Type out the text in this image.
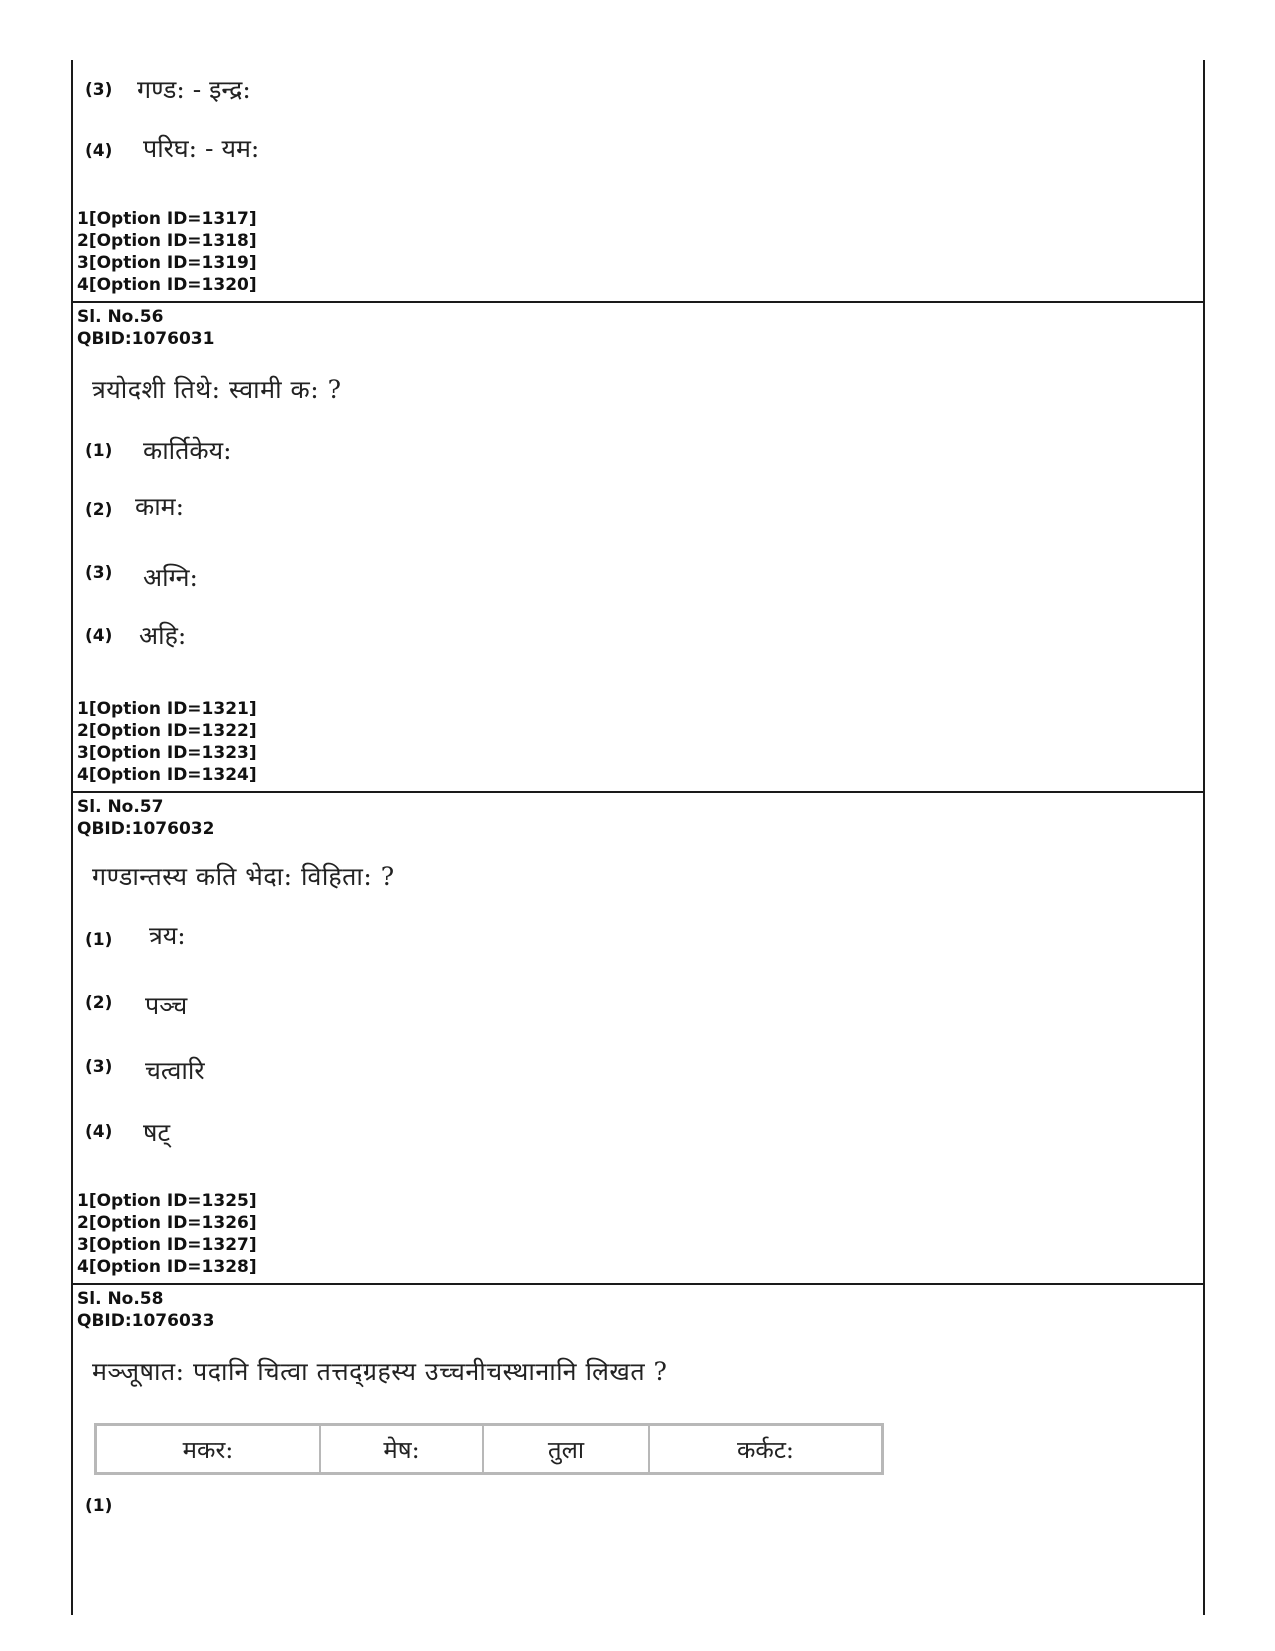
(3) गण्ड: - इन्द्र:
(4) परिघ: - यम:
1[Option ID=1317]
2[Option ID=1318]
3[Option ID=1319]
4[Option ID=1320]
Sl. No.56
QBID:1076031
त्रयोदशी तिथे: स्वामी क: ?
(1) कार्तिकेय:
(2) काम:
(3) अग्नि:
(4) अहि:
1[Option ID=1321]
2[Option ID=1322]
3[Option ID=1323]
4[Option ID=1324]
Sl. No.57
QBID:1076032
गण्डान्तस्य कति भेदा: विहिता: ?
(1) त्रय:
(2) पञ्च
(3) चत्वारि
(4) षट्
1[Option ID=1325]
2[Option ID=1326]
3[Option ID=1327]
4[Option ID=1328]
Sl. No.58
QBID:1076033
मञ्जूषात: पदानि चित्वा तत्तद्ग्रहस्य उच्चनीचस्थानानि लिखत ?
मकर:	मेष:	तुला	कर्कट:
(1)
